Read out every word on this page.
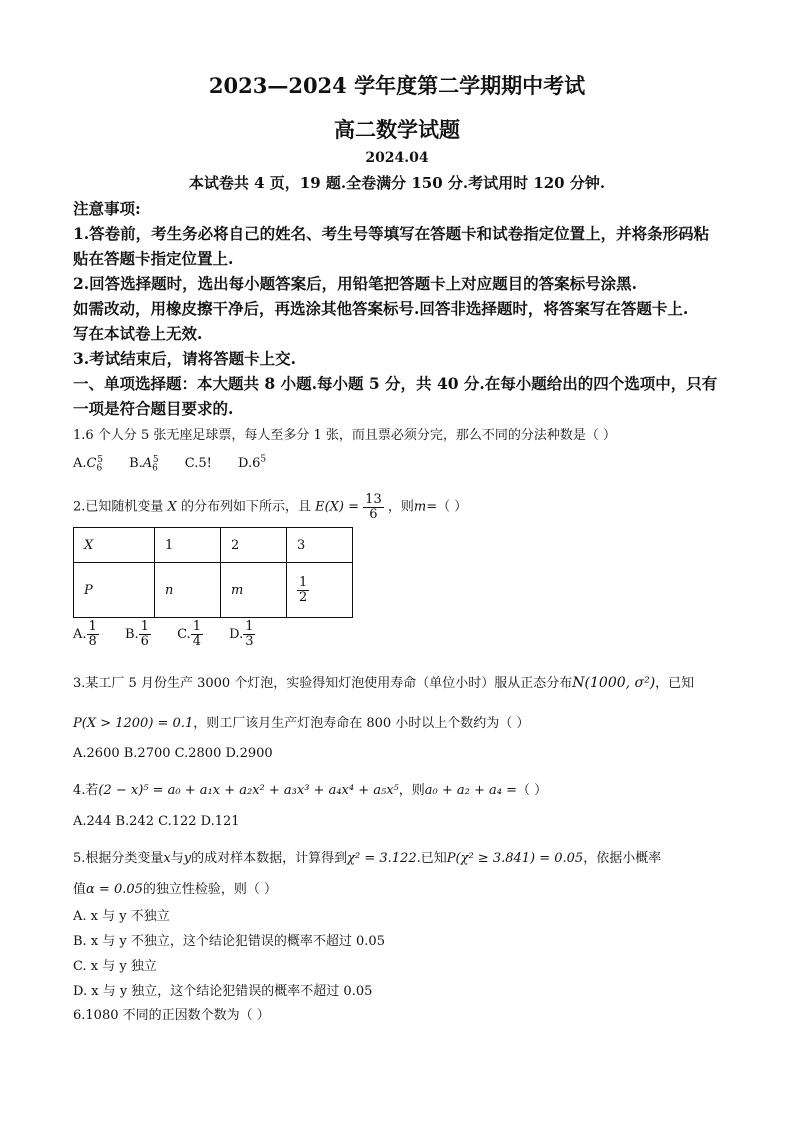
2023—2024 学年度第二学期期中考试
高二数学试题
2024.04
本试卷共 4 页，19 题.全卷满分 150 分.考试用时 120 分钟.
注意事项:
1.答卷前，考生务必将自己的姓名、考生号等填写在答题卡和试卷指定位置上，并将条形码粘
贴在答题卡指定位置上.
2.回答选择题时，选出每小题答案后，用铅笔把答题卡上对应题目的答案标号涂黑.
如需改动，用橡皮擦干净后，再选涂其他答案标号.回答非选择题时，将答案写在答题卡上.
写在本试卷上无效.
3.考试结束后，请将答题卡上交.
一、单项选择题：本大题共 8 小题.每小题 5 分，共 40 分.在每小题给出的四个选项中，只有
一项是符合题目要求的.
1.6 个人分 5 张无座足球票，每人至多分 1 张，而且票必须分完，那么不同的分法种数是（ ）
$A.C_6^5$ $B.A_6^5$ C.5! $D.6^5$
2.已知随机变量 X 的分布列如下所示，且 $E(X) = \frac{13}{6}$ ，则m=（ ）
X	1	2	3
P	n	m	$\frac{1}{2}$
A. $\frac{1}{8} B$. $\frac{1}{6} C$. $\frac{1}{4} D$. $\frac{1}{3}$
3.某工厂 5 月份生产 3000 个灯泡，实验得知灯泡使用寿命（单位小时）服从正态分布N(1000, σ²)，已知
P(X > 1200) = 0.1，则工厂该月生产灯泡寿命在 800 小时以上个数约为（ ）
A.2600 B.2700 C.2800 D.2900
4.若(2 − x)⁵ = a₀ + a₁x + a₂x² + a₃x³ + a₄x⁴ + a₅x⁵，则a₀ + a₂ + a₄ =（ ）
A.244 B.242 C.122 D.121
5.根据分类变量x与y的成对样本数据，计算得到χ² = 3.122.已知P(χ² ≥ 3.841) = 0.05，依据小概率
值α = 0.05的独立性检验，则（ ）
A. x 与 y 不独立
B. x 与 y 不独立，这个结论犯错误的概率不超过 0.05
C. x 与 y 独立
D. x 与 y 独立，这个结论犯错误的概率不超过 0.05
6.1080 不同的正因数个数为（ ）
